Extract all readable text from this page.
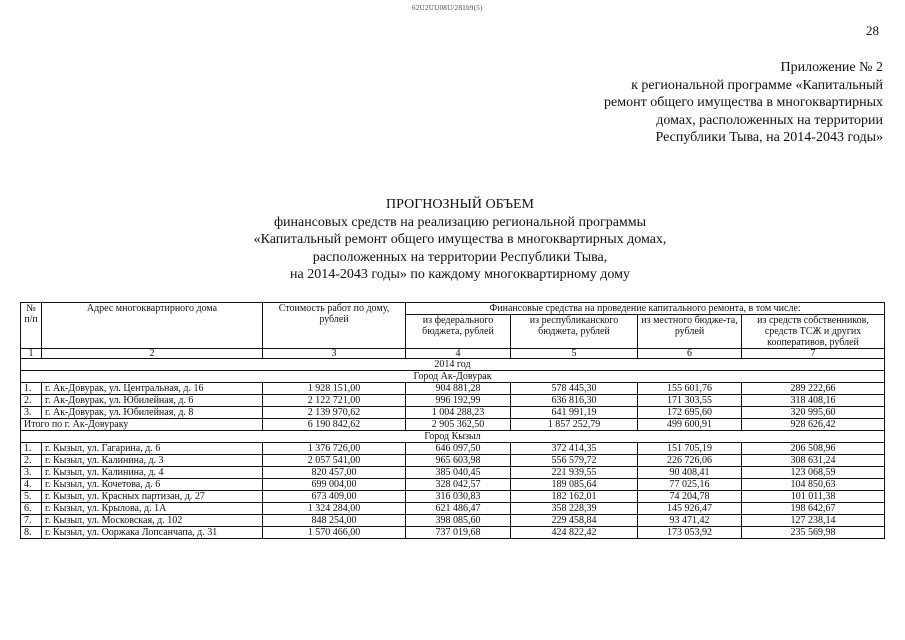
62U2UU08U/281b9(5)
28
Приложение № 2
к региональной программе «Капитальный
ремонт общего имущества в многоквартирных
домах, расположенных на территории
Республики Тыва, на 2014-2043 годы»
ПРОГНОЗНЫЙ ОБЪЕМ
финансовых средств на реализацию региональной программы
«Капитальный ремонт общего имущества в многоквартирных домах,
расположенных на территории Республики Тыва,
на 2014-2043 годы» по каждому многоквартирному дому
№ п/п	Адрес многоквартирного дома	Стоимость работ по дому, рублей	Финансовые средства на проведение капитального ремонта, в том числе:			
			из федерального бюджета, рублей	из республиканского бюджета, рублей	из местного бюдже-та, рублей	из средств собственников, средств ТСЖ и других кооперативов, рублей
1	2	3	4	5	6	7
2014 год						
Город Ак-Довурак						
1.	г. Ак-Довурак, ул. Центральная, д. 16	1 928 151,00	904 881,28	578 445,30	155 601,76	289 222,66
2.	г. Ак-Довурак, ул. Юбилейная, д. 6	2 122 721,00	996 192,99	636 816,30	171 303,55	318 408,16
3.	г. Ак-Довурак, ул. Юбилейная, д. 8	2 139 970,62	1 004 288,23	641 991,19	172 695,60	320 995,60
Итого по г. Ак-Довураку		6 190 842,62	2 905 362,50	1 857 252,79	499 600,91	928 626,42
Город Кызыл						
1.	г. Кызыл, ул. Гагарина, д. 6	1 376 726,00	646 097,50	372 414,35	151 705,19	206 508,96
2.	г. Кызыл, ул. Калинина, д. 3	2 057 541,00	965 603,98	556 579,72	226 726,06	308 631,24
3.	г. Кызыл, ул. Калинина, д. 4	820 457,00	385 040,45	221 939,55	90 408,41	123 068,59
4.	г. Кызыл, ул. Кочетова, д. 6	699 004,00	328 042,57	189 085,64	77 025,16	104 850,63
5.	г. Кызыл, ул. Красных партизан, д. 27	673 409,00	316 030,83	182 162,01	74 204,78	101 011,38
6.	г. Кызыл, ул. Крылова, д. 1А	1 324 284,00	621 486,47	358 228,39	145 926,47	198 642,67
7.	г. Кызыл, ул. Московская, д. 102	848 254,00	398 085,60	229 458,84	93 471,42	127 238,14
8.	г. Кызыл, ул. Ооржака Лопсанчапа, д. 31	1 570 466,00	737 019,68	424 822,42	173 053,92	235 569,98
